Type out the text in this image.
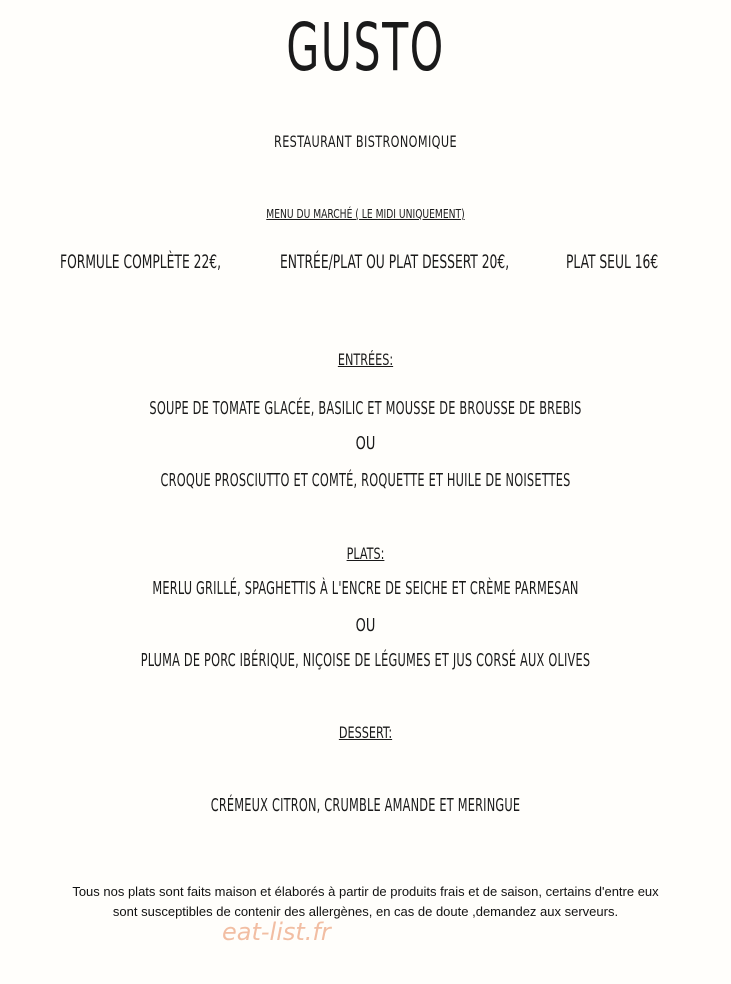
GUSTO
RESTAURANT BISTRONOMIQUE
MENU DU MARCHÉ ( LE MIDI UNIQUEMENT)
FORMULE COMPLÈTE 22€,	ENTRÉE/PLAT OU PLAT DESSERT 20€,	PLAT SEUL 16€
ENTRÉES:
SOUPE DE TOMATE GLACÉE, BASILIC ET MOUSSE DE BROUSSE DE BREBIS
OU
CROQUE PROSCIUTTO ET COMTÉ, ROQUETTE ET HUILE DE NOISETTES
PLATS:
MERLU GRILLÉ, SPAGHETTIS À L'ENCRE DE SEICHE ET CRÈME PARMESAN
OU
PLUMA DE PORC IBÉRIQUE, NIÇOISE DE LÉGUMES ET JUS CORSÉ AUX OLIVES
DESSERT:
CRÉMEUX CITRON, CRUMBLE AMANDE ET MERINGUE
Tous nos plats sont faits maison et élaborés à partir de produits frais et de saison, certains d'entre eux
sont susceptibles de contenir des allergènes, en cas de doute ,demandez aux serveurs.
eat-list.fr
